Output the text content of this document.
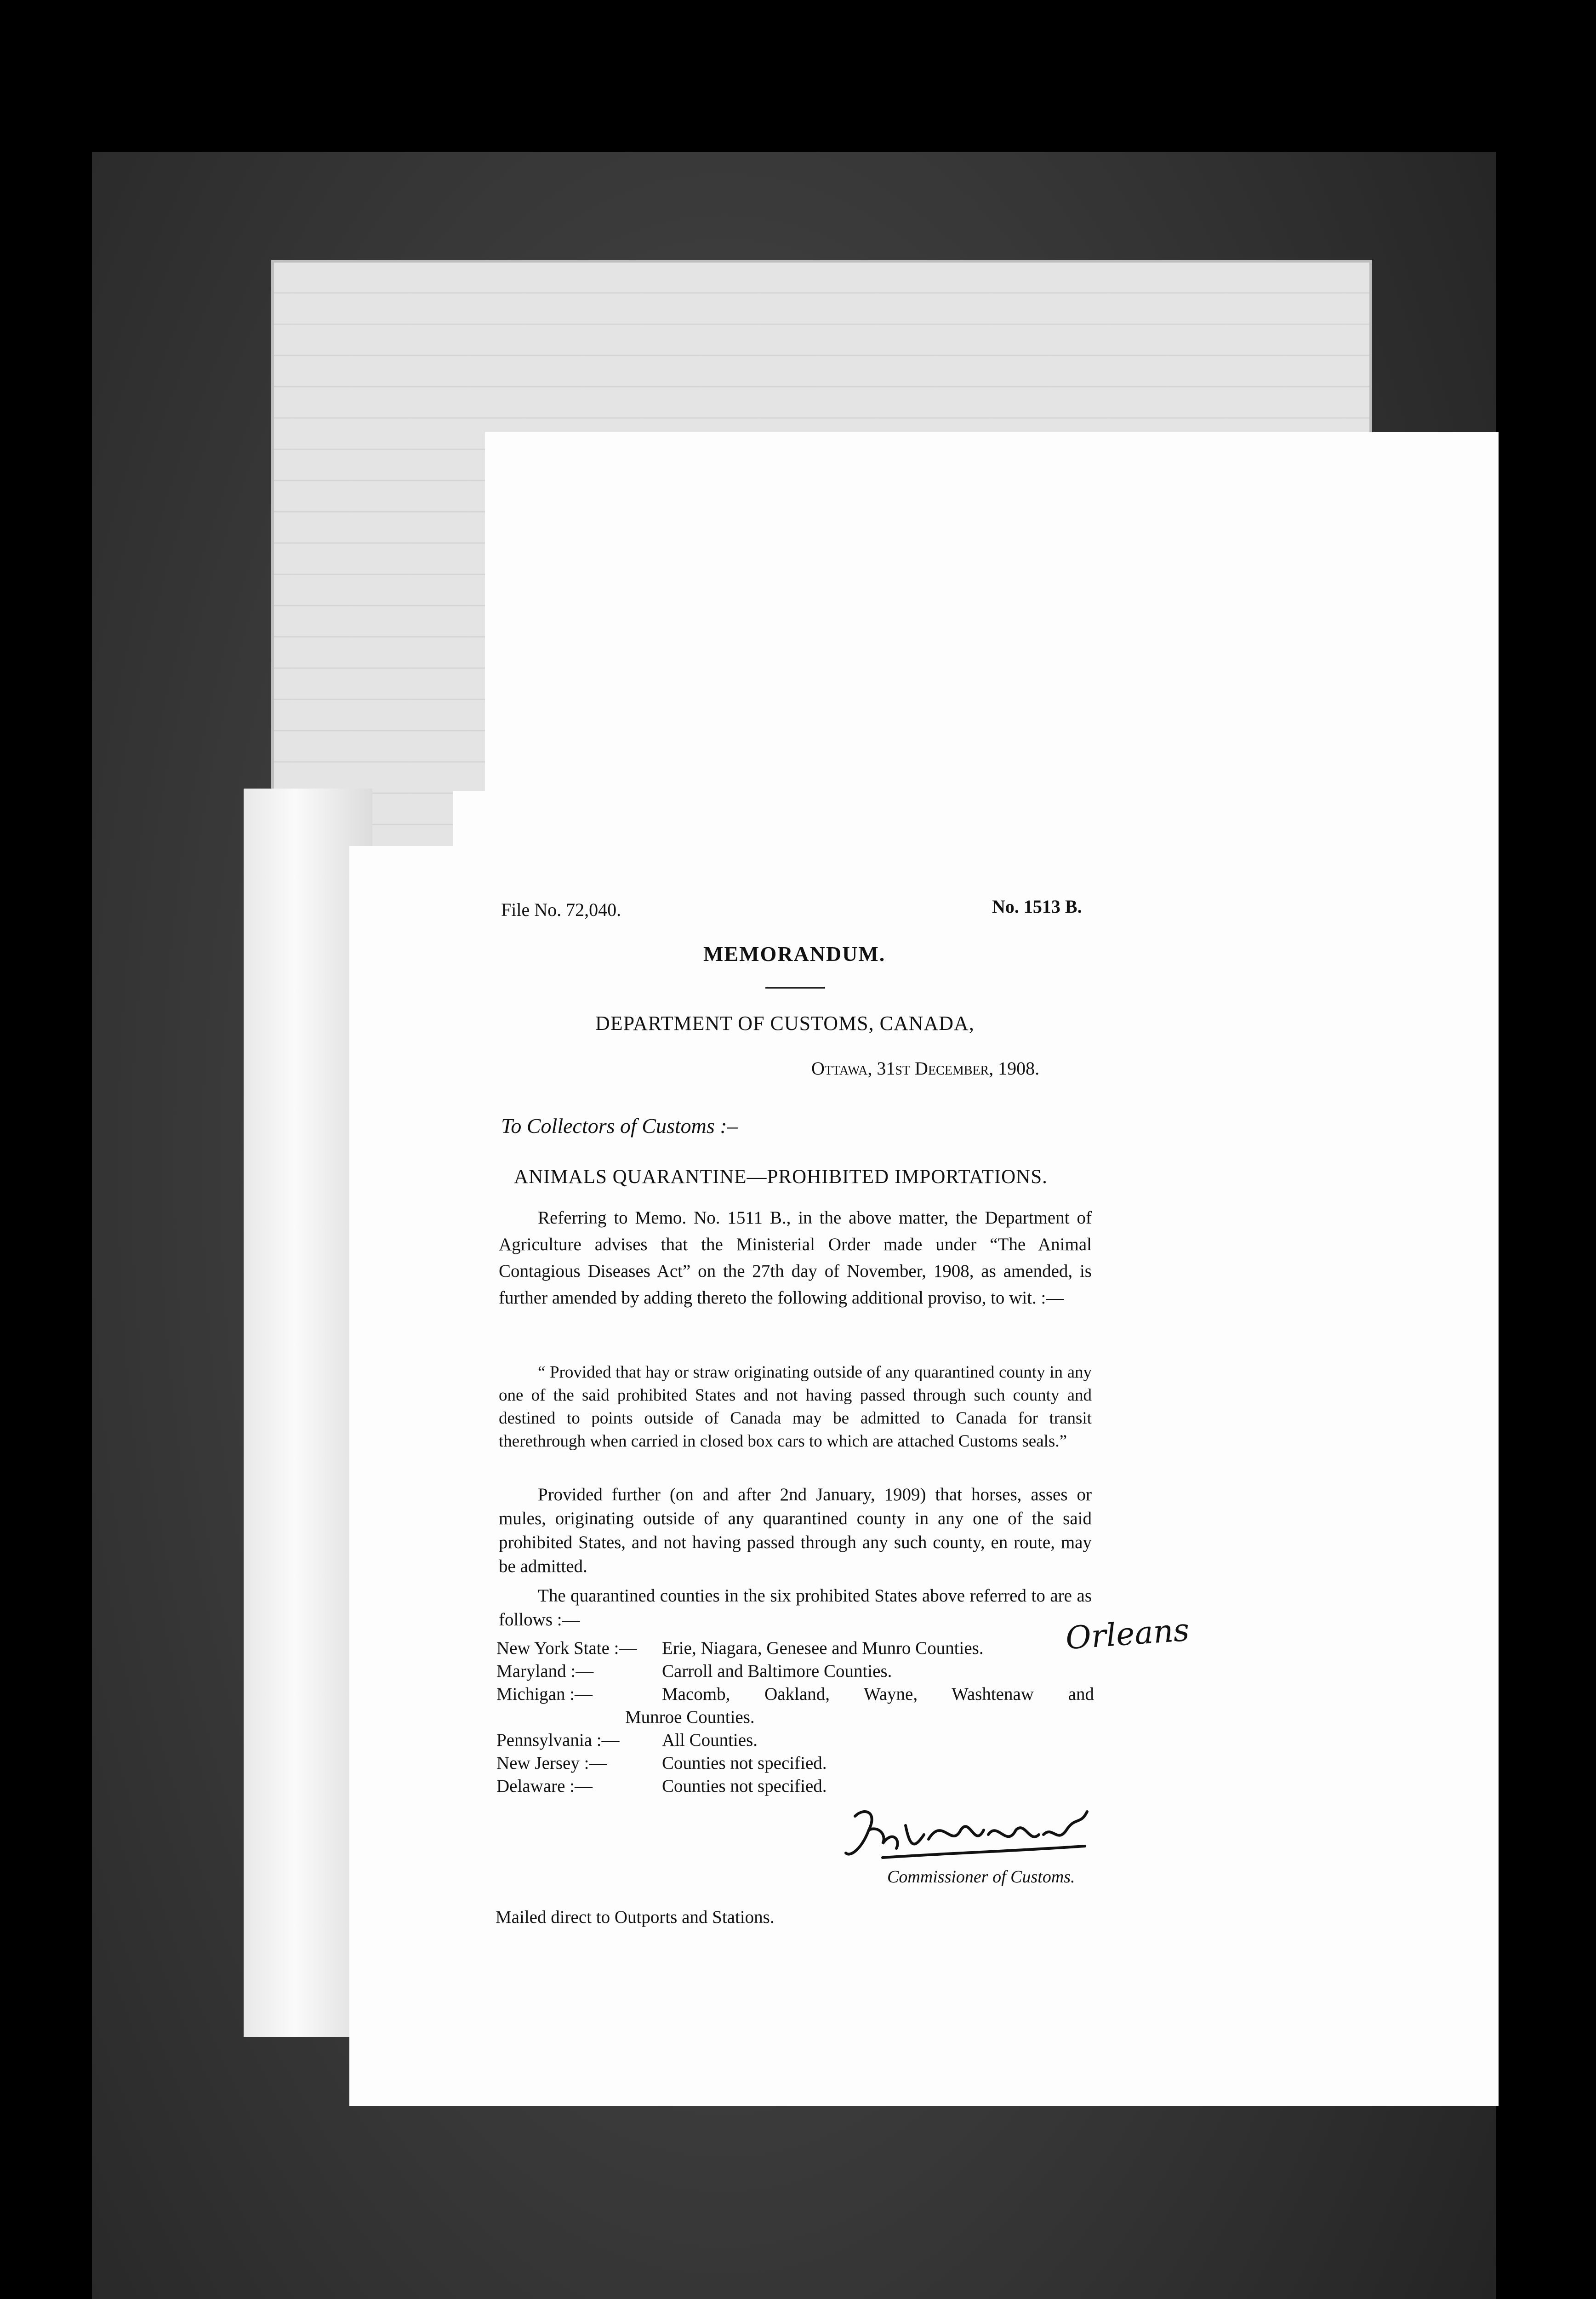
File No. 72,040.	No. 1513 B.
MEMORANDUM.
DEPARTMENT OF CUSTOMS, CANADA,
Ottawa, 31st December, 1908.
To Collectors of Customs :–
ANIMALS QUARANTINE—PROHIBITED IMPORTATIONS.
Referring to Memo. No. 1511 B., in the above matter, the Department of Agriculture advises that the Ministerial Order made under “The Animal Contagious Diseases Act” on the 27th day of November, 1908, as amended, is further amended by adding thereto the following additional proviso, to wit. :—
“ Provided that hay or straw originating outside of any quarantined county in any one of the said prohibited States and not having passed through such county and destined to points outside of Canada may be admitted to Canada for transit therethrough when carried in closed box cars to which are attached Customs seals.”
Provided further (on and after 2nd January, 1909) that horses, asses or mules, originating outside of any quarantined county in any one of the said prohibited States, and not having passed through any such county, en route, may be admitted.
The quarantined counties in the six prohibited States above referred to are as follows :—
New York State :—	Erie, Niagara, Genesee and Munro Counties.
Maryland :—	Carroll and Baltimore Counties.
Michigan :—	Macomb, Oakland, Wayne, Washtenaw and
Munroe Counties.
Pennsylvania :—	All Counties.
New Jersey :—	Counties not specified.
Delaware :—	Counties not specified.
Orleans
Commissioner of Customs.
Mailed direct to Outports and Stations.
